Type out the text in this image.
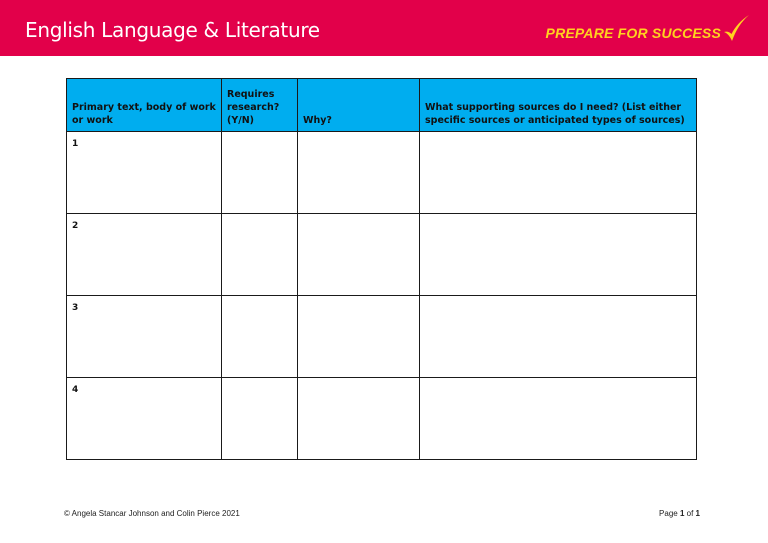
English Language & Literature	PREPARE FOR SUCCESS
Primary text, body of work or work	Requires research? (Y/N)	Why?	What supporting sources do I need? (List either specific sources or anticipated types of sources)
1			
2			
3			
4			
© Angela Stancar Johnson and Colin Pierce 2021	Page 1 of 1
